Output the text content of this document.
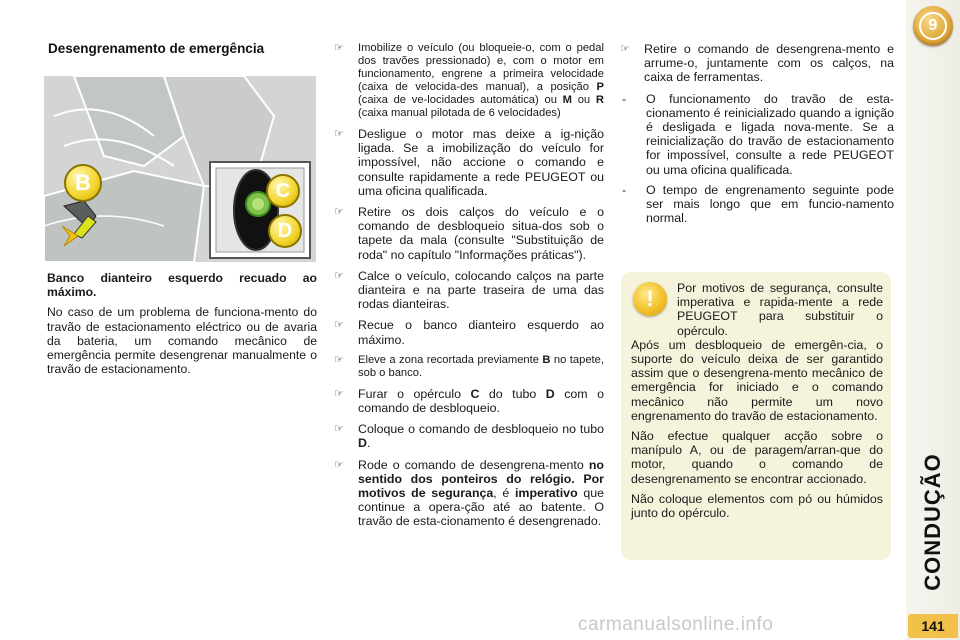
9
CONDUÇÃO
141
Desengrenamento de emergência
B	C
D

Banco dianteiro esquerdo recuado ao máximo.

No caso de um problema de funciona-mento do travão de estacionamento eléctrico ou de avaria da bateria, um comando mecânico de emergência permite desengrenar manualmente o travão de estacionamento.

☞	Imobilize o veículo (ou bloqueie-o, com o pedal dos travões pressionado) e, com o motor em funcionamento, engrene a primeira velocidade (caixa de velocida-des manual), a posição P (caixa de ve-locidades automática) ou M ou R (caixa manual pilotada de 6 velocidades)
☞	Desligue o motor mas deixe a ig-nição ligada. Se a imobilização do veículo for impossível, não accione o comando e consulte rapidamente a rede PEUGEOT ou uma oficina qualificada.
☞	Retire os dois calços do veículo e o comando de desbloqueio situa-dos sob o tapete da mala (consulte "Substituição de roda" no capítulo "Informações práticas").
☞	Calce o veículo, colocando calços na parte dianteira e na parte traseira de uma das rodas dianteiras.
☞	Recue o banco dianteiro esquerdo ao máximo.
☞	Eleve a zona recortada previamente B no tapete, sob o banco.
☞	Furar o opérculo C do tubo D com o comando de desbloqueio.
☞	Coloque o comando de desbloqueio no tubo D.
☞	Rode o comando de desengrena-mento no sentido dos ponteiros do relógio. Por motivos de segurança, é imperativo que continue a opera-ção até ao batente. O travão de esta-cionamento é desengrenado.
☞	Retire o comando de desengrena-mento e arrume-o, juntamente com os calços, na caixa de ferramentas.
- O funcionamento do travão de esta-cionamento é reinicializado quando a ignição é desligada e ligada nova-mente. Se a reinicialização do travão de estacionamento for impossível, consulte a rede PEUGEOT ou uma oficina qualificada.
- O tempo de engrenamento seguinte pode ser mais longo que em funcio-namento normal.
!	Por motivos de segurança, consulte imperativa e rapida-mente a rede PEUGEOT para substituir o opérculo.

Após um desbloqueio de emergên-cia, o suporte do veículo deixa de ser garantido assim que o desengrena-mento mecânico de emergência for iniciado e o comando mecânico não permite um novo engrenamento do travão de estacionamento.

Não efectue qualquer acção sobre o manípulo A, ou de paragem/arran-que do motor, quando o comando de desengrenamento se encontrar accionado.

Não coloque elementos com pó ou húmidos junto do opérculo.

carmanualsonline.info
